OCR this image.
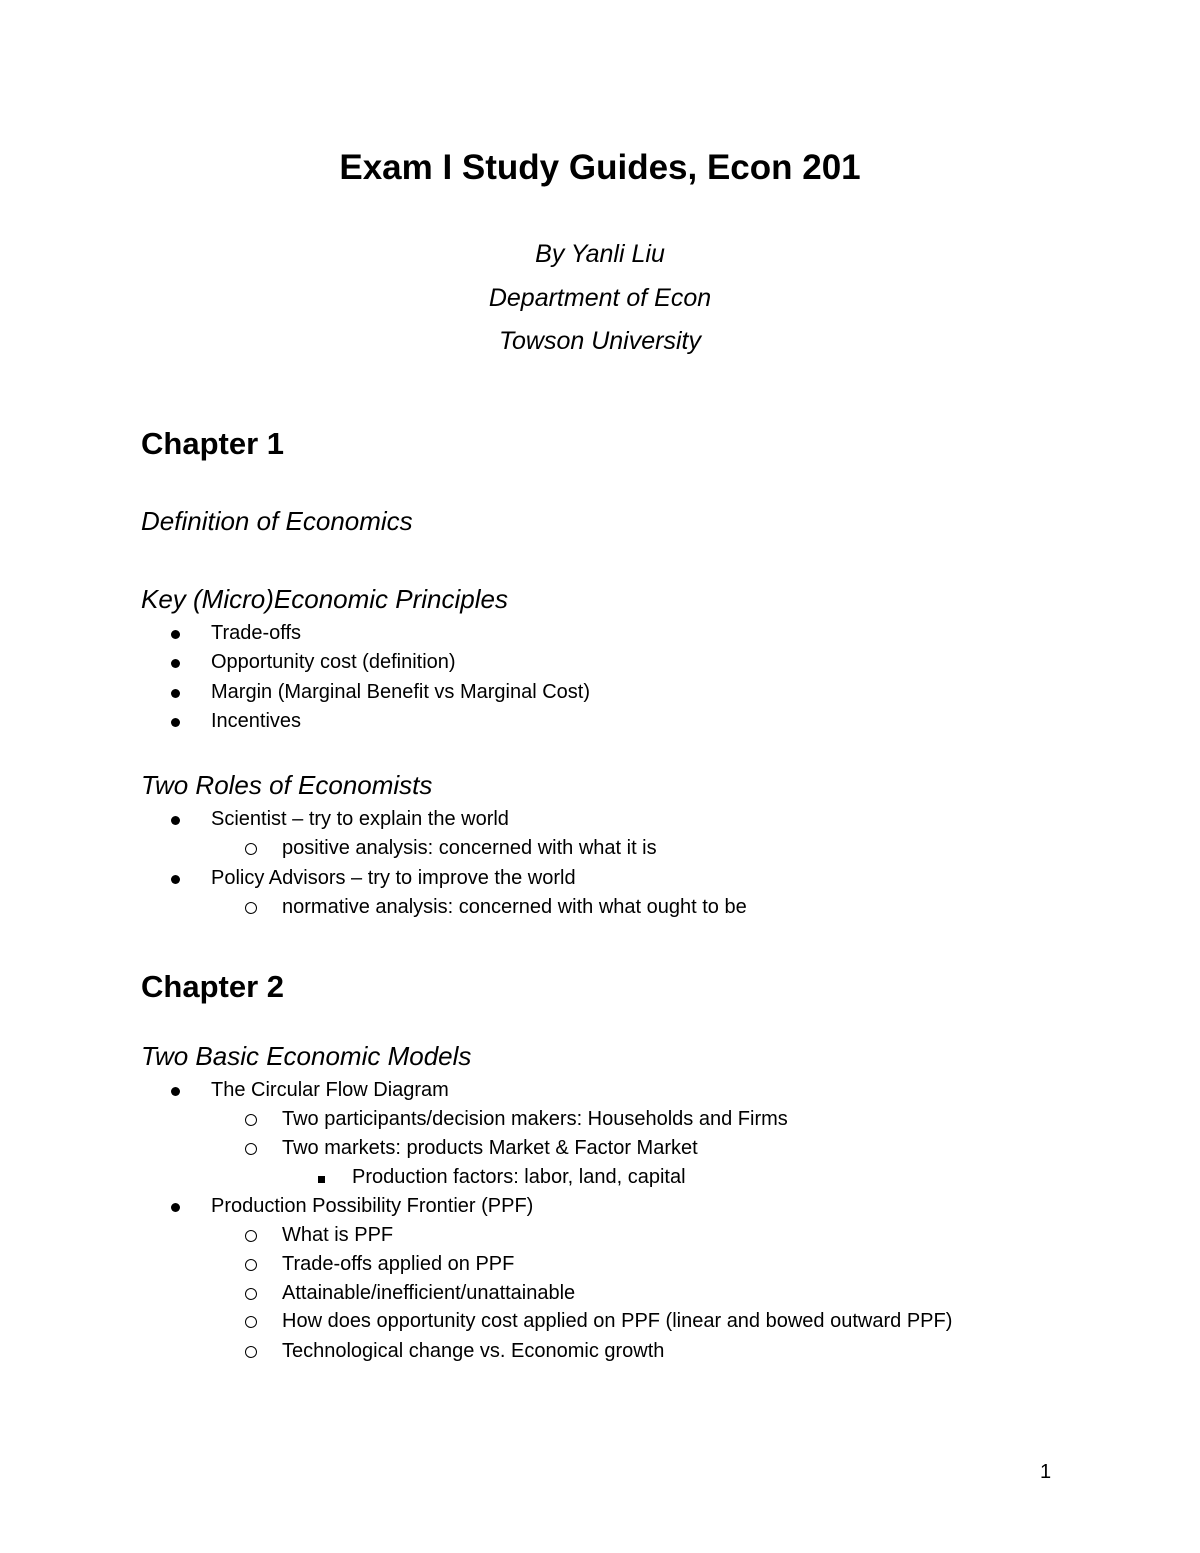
Exam I Study Guides, Econ 201
By Yanli Liu
Department of Econ
Towson University
Chapter 1
Definition of Economics
Key (Micro)Economic Principles
Trade-offs
Opportunity cost (definition)
Margin (Marginal Benefit vs Marginal Cost)
Incentives
Two Roles of Economists
Scientist – try to explain the world
positive analysis: concerned with what it is
Policy Advisors – try to improve the world
normative analysis: concerned with what ought to be
Chapter 2
Two Basic Economic Models
The Circular Flow Diagram
Two participants/decision makers: Households and Firms
Two markets: products Market & Factor Market
Production factors: labor, land, capital
Production Possibility Frontier (PPF)
What is PPF
Trade-offs applied on PPF
Attainable/inefficient/unattainable
How does opportunity cost applied on PPF (linear and bowed outward PPF)
Technological change vs. Economic growth
1
